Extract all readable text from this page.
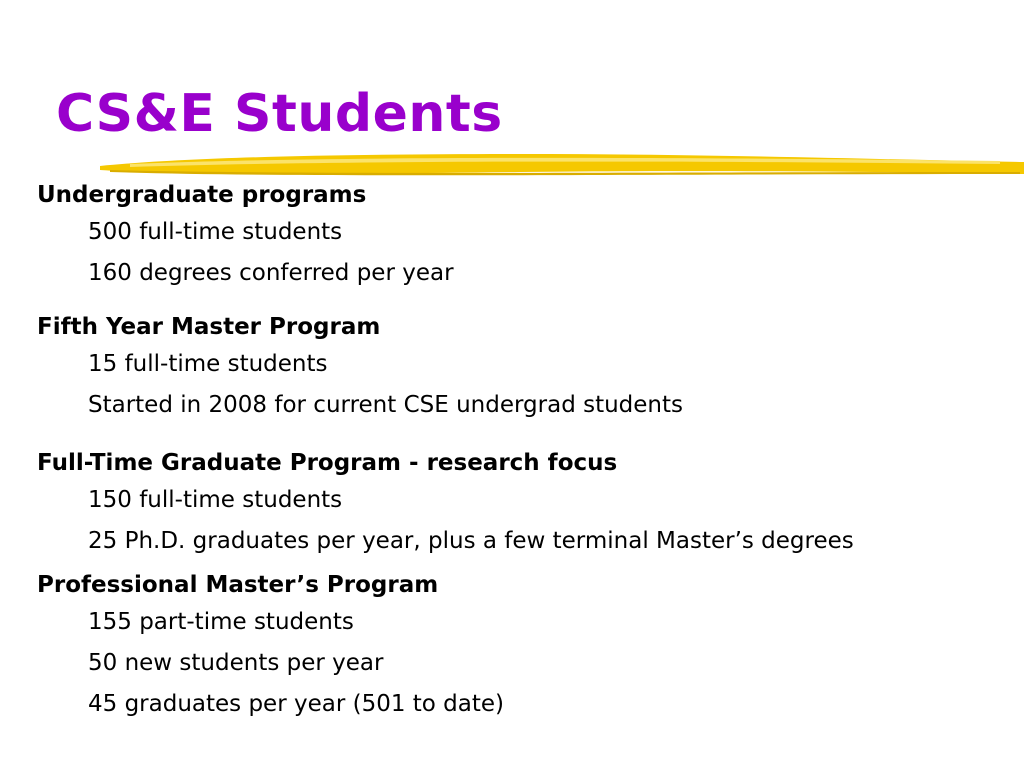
CS&E Students
Undergraduate programs
500 full-time students
160 degrees conferred per year
Fifth Year Master Program
15 full-time students
Started in 2008 for current CSE undergrad students
Full-Time Graduate Program - research focus
150 full-time students
25 Ph.D. graduates per year, plus a few terminal Master’s degrees
Professional Master’s Program
155 part-time students
50 new students per year
45 graduates per year (501 to date)
